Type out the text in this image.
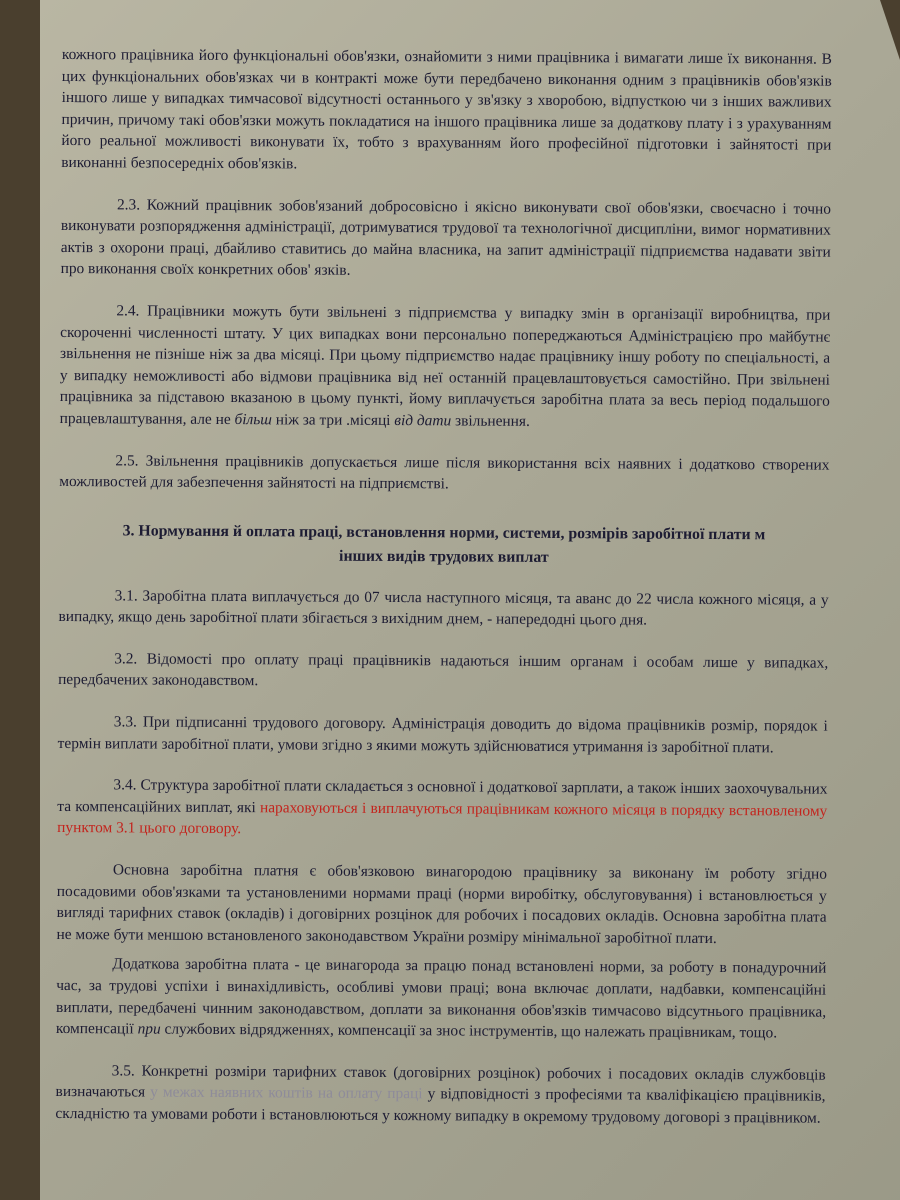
кожного працівника його функціональні обов'язки, ознайомити з ними працівника і вимагати лише їх виконання. В цих функціональних обов'язках чи в контракті може бути передбачено виконання одним з працівників обов'язків іншого лише у випадках тимчасової відсутності останнього у зв'язку з хворобою, відпусткою чи з інших важливих причин, причому такі обов'язки можуть покладатися на іншого працівника лише за додаткову плату і з урахуванням його реальної можливості виконувати їх, тобто з врахуванням його професійної підготовки і зайнятості при виконанні безпосередніх обов'язків.

2.3. Кожний працівник зобов'язаний добросовісно і якісно виконувати свої обов'язки, своєчасно і точно виконувати розпорядження адміністрації, дотримуватися трудової та технологічної дисципліни, вимог нормативних актів з охорони праці, дбайливо ставитись до майна власника, на запит адміністрації підприємства надавати звіти про виконання своїх конкретних обов' язків.

2.4. Працівники можуть бути звільнені з підприємства у випадку змін в організації виробництва, при скороченні численності штату. У цих випадках вони персонально попереджаються Адміністрацією про майбутнє звільнення не пізніше ніж за два місяці. При цьому підприємство надає працівнику іншу роботу по спеціальності, а у випадку неможливості або відмови працівника від неї останній працевлаштовується самостійно. При звільнені працівника за підставою вказаною в цьому пункті, йому виплачується заробітна плата за весь період подальшого працевлаштування, але не більш ніж за три .місяці від дати звільнення.

2.5. Звільнення працівників допускається лише після використання всіх наявних і додатково створених можливостей для забезпечення зайнятості на підприємстві.

3. Нормування й оплата праці, встановлення норми, системи, розмірів заробітної плати м
інших видів трудових виплат

3.1. Заробітна плата виплачується до 07 числа наступного місяця, та аванс до 22 числа кожного місяця, а у випадку, якщо день заробітної плати збігається з вихідним днем, - напередодні цього дня.

3.2. Відомості про оплату праці працівників надаються іншим органам і особам лише у випадках, передбачених законодавством.

3.3. При підписанні трудового договору. Адміністрація доводить до відома працівників розмір, порядок і термін виплати заробітної плати, умови згідно з якими можуть здійснюватися утримання із заробітної плати.

3.4. Структура заробітної плати складається з основної і додаткової зарплати, а також інших заохочувальних та компенсаційних виплат, які нараховуються і виплачуються працівникам кожного місяця в порядку встановленому пунктом 3.1 цього договору.

Основна заробітна платня є обов'язковою винагородою працівнику за виконану їм роботу згідно посадовими обов'язками та установленими нормами праці (норми виробітку, обслуговування) і встановлюється у вигляді тарифних ставок (окладів) і договірних розцінок для робочих і посадових окладів. Основна заробітна плата не може бути меншою встановленого законодавством України розміру мінімальної заробітної плати.

Додаткова заробітна плата - це винагорода за працю понад встановлені норми, за роботу в понадурочний час, за трудові успіхи і винахідливість, особливі умови праці; вона включає доплати, надбавки, компенсаційні виплати, передбачені чинним законодавством, доплати за виконання обов'язків тимчасово відсутнього працівника, компенсації при службових відрядженнях, компенсації за знос інструментів, що належать працівникам, тощо.

3.5. Конкретні розміри тарифних ставок (договірних розцінок) робочих і посадових окладів службовців визначаються у межах наявних коштів на оплату праці у відповідності з професіями та кваліфікацією працівників, складністю та умовами роботи і встановлюються у кожному випадку в окремому трудовому договорі з працівником.
